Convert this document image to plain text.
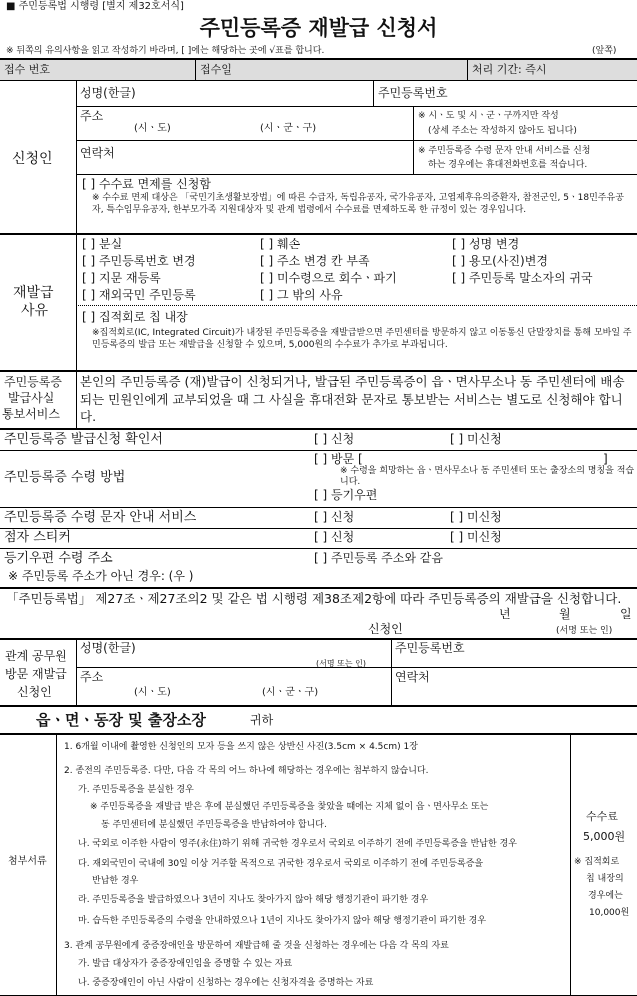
■ 주민등록법 시행령 [별지 제32호서식]
주민등록증 재발급 신청서
※ 뒤쪽의 유의사항을 읽고 작성하기 바라며, [ ]에는 해당하는 곳에 √표를 합니다.	(앞쪽)
접수 번호	접수일	처리 기간: 즉시
신청인
성명(한글)	주민등록번호
주소
(시ㆍ도)	(시ㆍ군ㆍ구)
※ 시ㆍ도 및 시ㆍ군ㆍ구까지만 작성
(상세 주소는 작성하지 않아도 됩니다)
연락처	※ 주민등록증 수령 문자 안내 서비스를 신청
하는 경우에는 휴대전화번호를 적습니다.
[ ] 수수료 면제를 신청함
※ 수수료 면제 대상은 「국민기초생활보장법」에 따른 수급자, 독립유공자, 국가유공자, 고엽제후유의증환자, 참전군인, 5ㆍ18민주유공자, 특수임무유공자, 한부모가족 지원대상자 및 관계 법령에서 수수료를 면제하도록 한 규정이 있는 경우입니다.
재발급
사유
[ ] 분실	[ ] 훼손	[ ] 성명 변경
[ ] 주민등록번호 변경	[ ] 주소 변경 칸 부족	[ ] 용모(사진)변경
[ ] 지문 재등록	[ ] 미수령으로 회수ㆍ파기	[ ] 주민등록 말소자의 귀국
[ ] 재외국민 주민등록	[ ] 그 밖의 사유
[ ] 집적회로 칩 내장
※집적회로(IC, Integrated Circuit)가 내장된 주민등록증을 재발급받으면 주민센터를 방문하지 않고 이동통신 단말장치를 통해 모바일 주민등록증의 발급 또는 재발급을 신청할 수 있으며, 5,000원의 수수료가 추가로 부과됩니다.
주민등록증
발급사실
통보서비스
본인의 주민등록증 (재)발급이 신청되거나, 발급된 주민등록증이 읍ㆍ면사무소나 동 주민센터에 배송 되는 민원인에게 교부되었을 때 그 사실을 휴대전화 문자로 통보받는 서비스는 별도로 신청해야 합니다.
주민등록증 발급신청 확인서	[ ] 신청	[ ] 미신청
주민등록증 수령 방법
[ ] 방문 [	]
※ 수령을 희망하는 읍ㆍ면사무소나 동 주민센터 또는 출장소의 명칭을 적습니다.
[ ] 등기우편
주민등록증 수령 문자 안내 서비스	[ ] 신청	[ ] 미신청
점자 스티커	[ ] 신청	[ ] 미신청
등기우편 수령 주소	[ ] 주민등록 주소와 같음
※ 주민등록 주소가 아닌 경우: (우 )
「주민등록법」 제27조ㆍ제27조의2 및 같은 법 시행령 제38조제2항에 따라 주민등록증의 재발급을 신청합니다.
년	월	일
신청인	(서명 또는 인)
관계 공무원
방문 재발급
신청인
성명(한글)
(서명 또는 인)
주민등록번호
주소
(시ㆍ도)	(시ㆍ군ㆍ구)
연락처
읍ㆍ면ㆍ동장 및 출장소장	귀하
첨부서류
1. 6개월 이내에 촬영한 신청인의 모자 등을 쓰지 않은 상반신 사진(3.5cm × 4.5cm) 1장
2. 종전의 주민등록증. 다만, 다음 각 목의 어느 하나에 해당하는 경우에는 첨부하지 않습니다.
가. 주민등록증을 분실한 경우
※ 주민등록증을 재발급 받은 후에 분실했던 주민등록증을 찾았을 때에는 지체 없이 읍ㆍ면사무소 또는
동 주민센터에 분실했던 주민등록증을 반납하여야 합니다.
나. 국외로 이주한 사람이 영주(永住)하기 위해 귀국한 경우로서 국외로 이주하기 전에 주민등록증을 반납한 경우
다. 재외국민이 국내에 30일 이상 거주할 목적으로 귀국한 경우로서 국외로 이주하기 전에 주민등록증을
반납한 경우
라. 주민등록증을 발급하였으나 3년이 지나도 찾아가지 않아 해당 행정기관이 파기한 경우
마. 습득한 주민등록증의 수령을 안내하였으나 1년이 지나도 찾아가지 않아 해당 행정기관이 파기한 경우
3. 관계 공무원에게 중증장애인을 방문하여 재발급해 줄 것을 신청하는 경우에는 다음 각 목의 자료
가. 발급 대상자가 중증장애인임을 증명할 수 있는 자료
나. 중증장애인이 아닌 사람이 신청하는 경우에는 신청자격을 증명하는 자료
수수료
5,000원
※ 집적회로
칩 내장의
경우에는
10,000원
